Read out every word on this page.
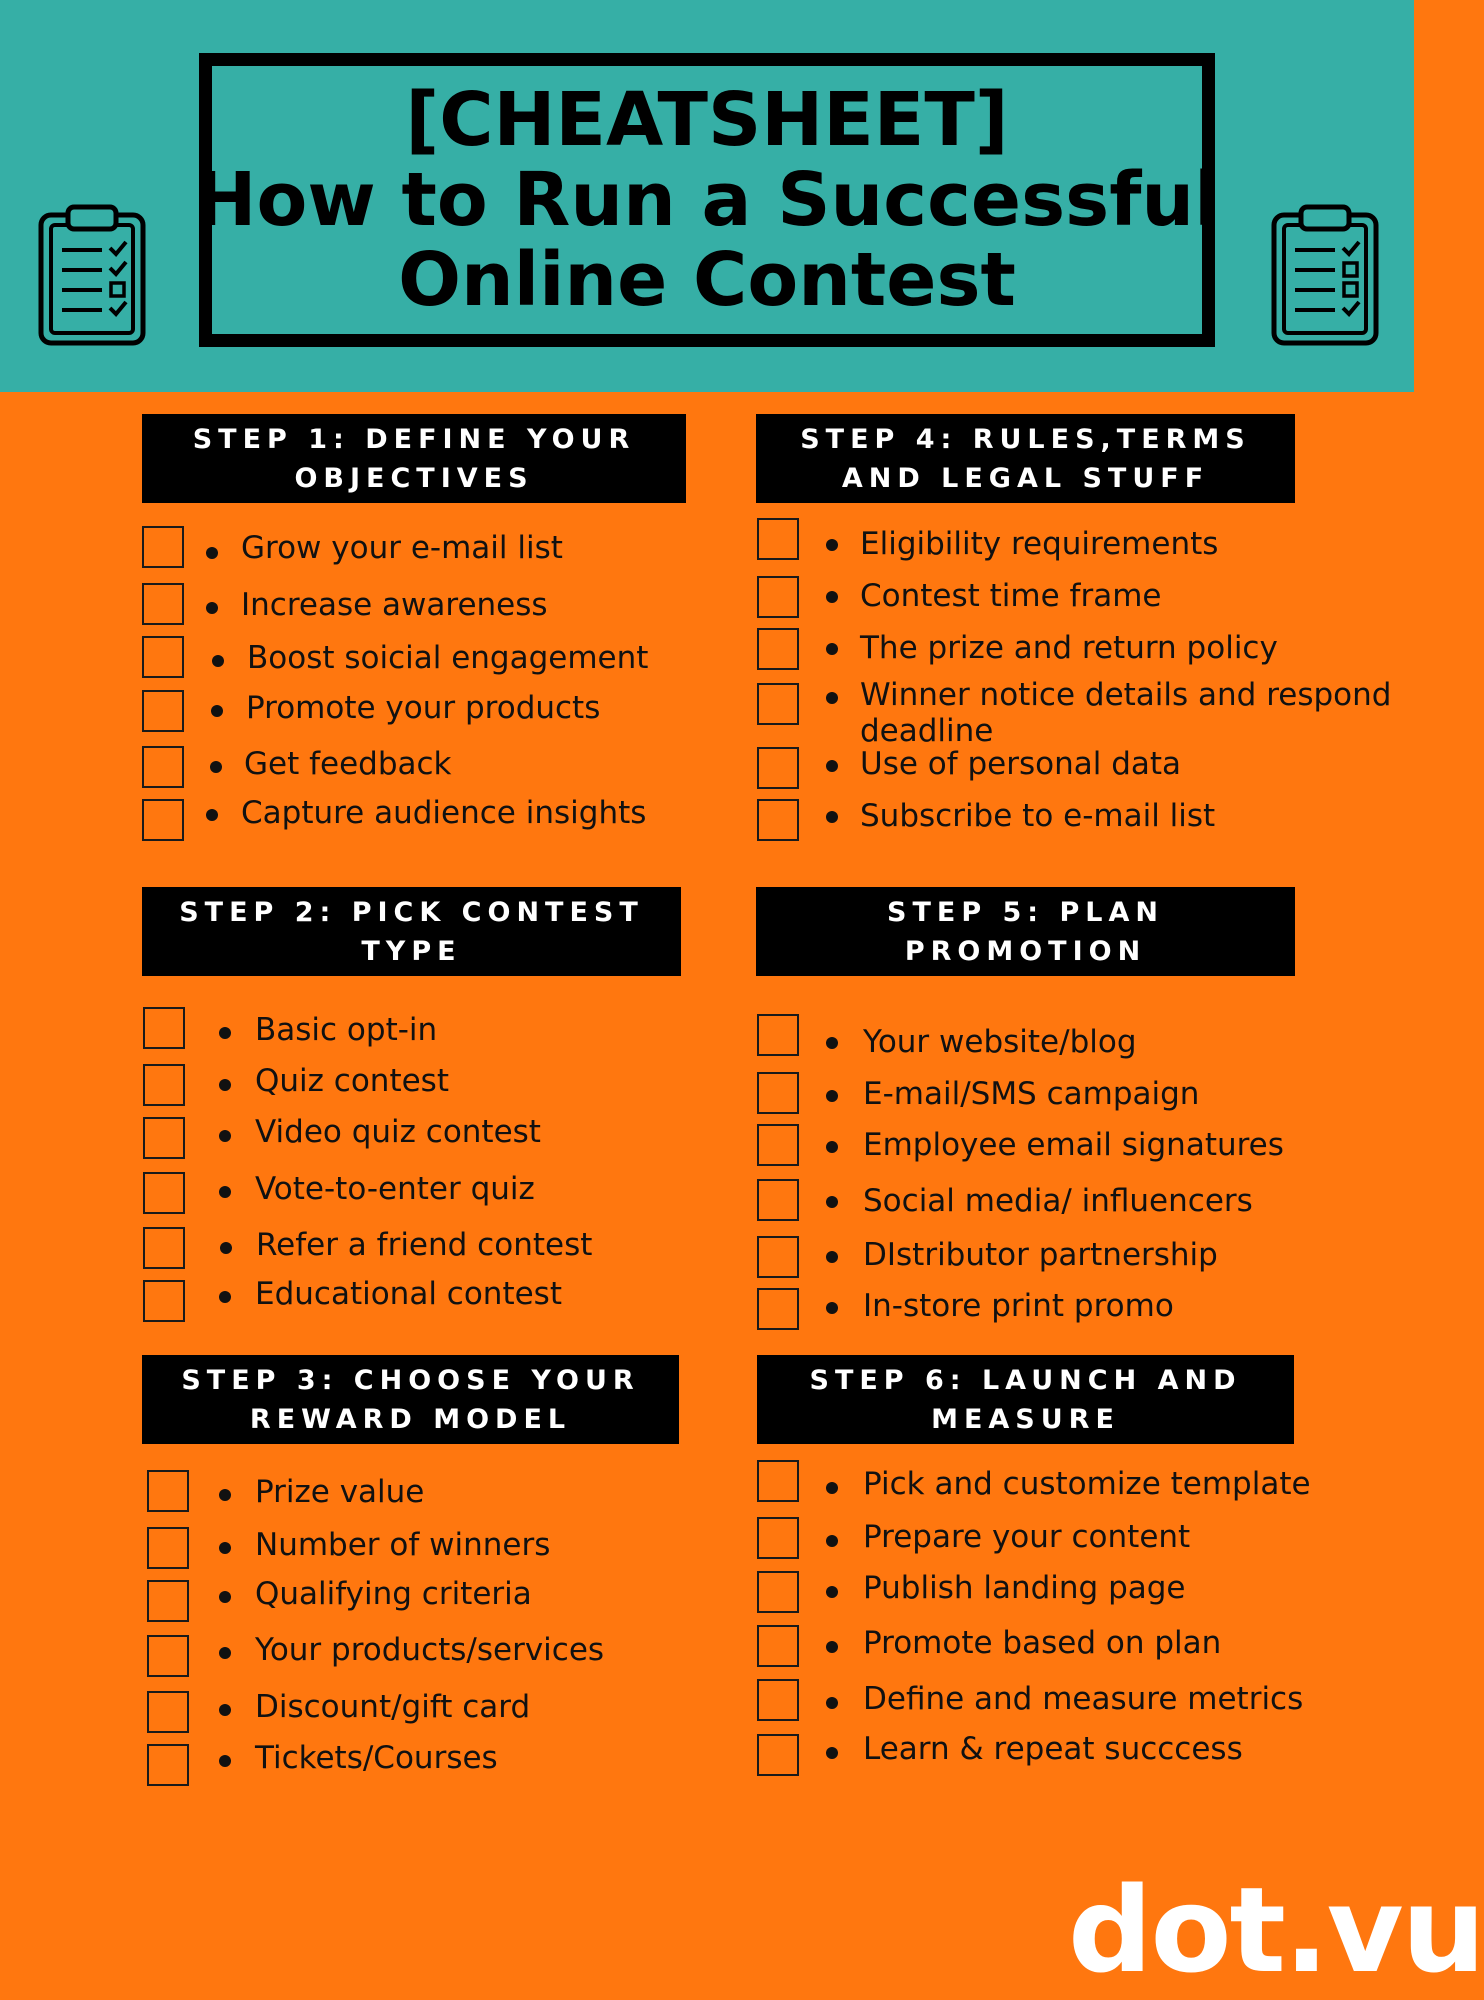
[CHEATSHEET]
How to Run a Successful
Online Contest
STEP 1: DEFINE YOUR
OBJECTIVES
Grow your e-mail list
Increase awareness
Boost soicial engagement
Promote your products
Get feedback
Capture audience insights
STEP 2: PICK CONTEST
TYPE
Basic opt-in
Quiz contest
Video quiz contest
Vote-to-enter quiz
Refer a friend contest
Educational contest
STEP 3: CHOOSE YOUR
REWARD MODEL
Prize value
Number of winners
Qualifying criteria
Your products/services
Discount/gift card
Tickets/Courses
STEP 4: RULES,TERMS
AND LEGAL STUFF
Eligibility requirements
Contest time frame
The prize and return policy
Winner notice details and respond
deadline
Use of personal data
Subscribe to e-mail list
STEP 5: PLAN
PROMOTION
Your website/blog
E-mail/SMS campaign
Employee email signatures
Social media/ influencers
DIstributor partnership
In-store print promo
STEP 6: LAUNCH AND
MEASURE
Pick and customize template
Prepare your content
Publish landing page
Promote based on plan
Define and measure metrics
Learn & repeat succcess
dot.vu
